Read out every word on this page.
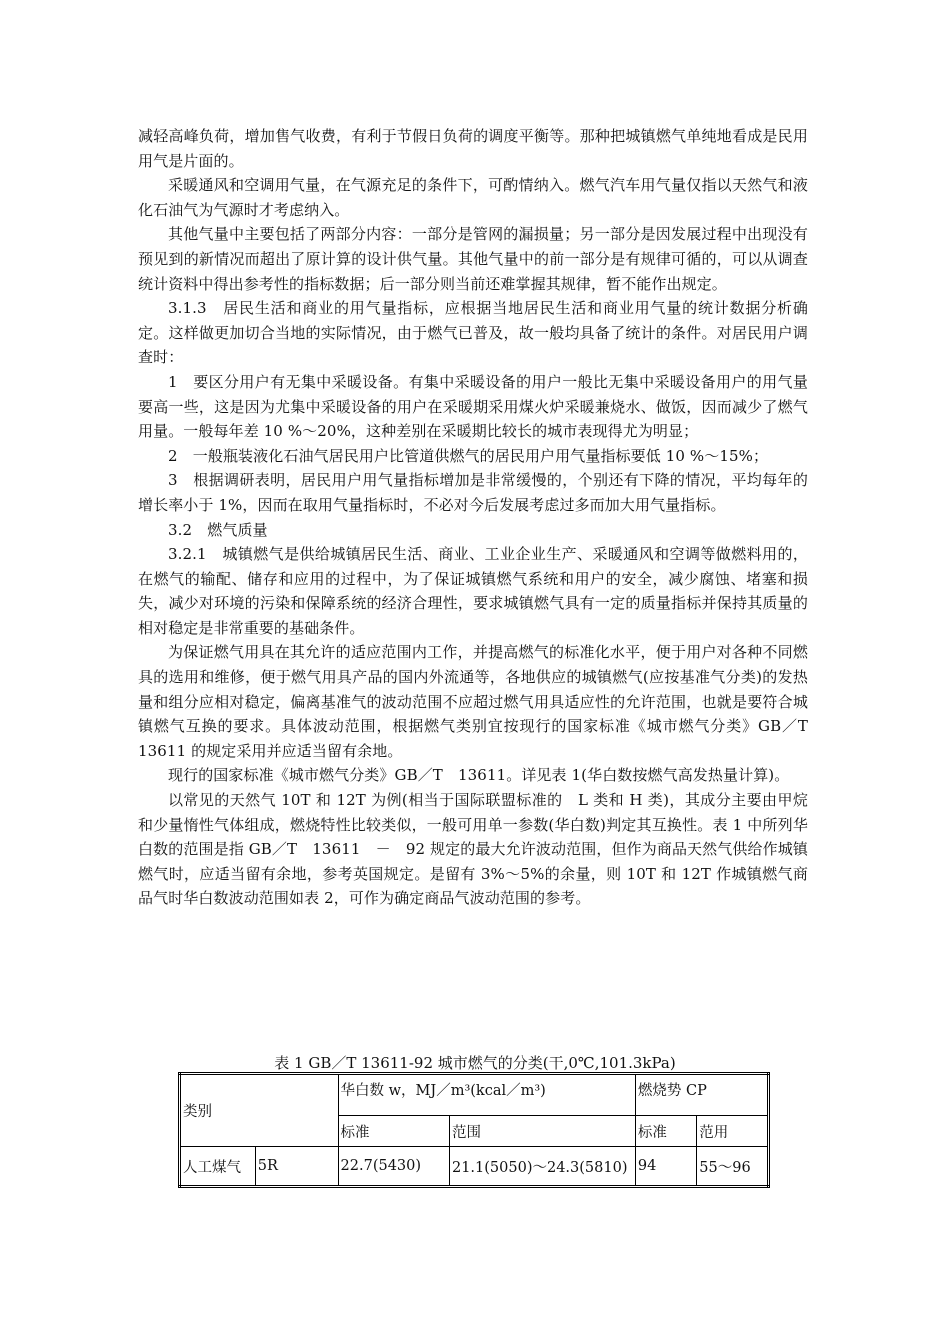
减轻高峰负荷，增加售气收费，有利于节假日负荷的调度平衡等。那种把城镇燃气单纯地看成是民用用气是片面的。

采暖通风和空调用气量，在气源充足的条件下，可酌情纳入。燃气汽车用气量仅指以天然气和液化石油气为气源时才考虑纳入。

其他气量中主要包括了两部分内容：一部分是管网的漏损量；另一部分是因发展过程中出现没有预见到的新情况而超出了原计算的设计供气量。其他气量中的前一部分是有规律可循的，可以从调查统计资料中得出参考性的指标数据；后一部分则当前还难掌握其规律，暂不能作出规定。

3.1.3　居民生活和商业的用气量指标，应根据当地居民生活和商业用气量的统计数据分析确定。这样做更加切合当地的实际情况，由于燃气已普及，故一般均具备了统计的条件。对居民用户调查时：

1　要区分用户有无集中采暖设备。有集中采暖设备的用户一般比无集中采暖设备用户的用气量要高一些，这是因为尤集中采暖设备的用户在采暖期采用煤火炉采暖兼烧水、做饭，因而减少了燃气用量。一般每年差 10 %～20%，这种差别在采暖期比较长的城市表现得尤为明显；

2　一般瓶装液化石油气居民用户比管道供燃气的居民用户用气量指标要低 10 %～15%；

3　根据调研表明，居民用户用气量指标增加是非常缓慢的，个别还有下降的情况，平均每年的增长率小于 1%，因而在取用气量指标时，不必对今后发展考虑过多而加大用气量指标。

3.2　燃气质量

3.2.1　城镇燃气是供给城镇居民生活、商业、工业企业生产、采暖通风和空调等做燃料用的，在燃气的输配、储存和应用的过程中，为了保证城镇燃气系统和用户的安全，减少腐蚀、堵塞和损失，减少对环境的污染和保障系统的经济合理性，要求城镇燃气具有一定的质量指标并保持其质量的相对稳定是非常重要的基础条件。

为保证燃气用具在其允许的适应范围内工作，并提高燃气的标准化水平，便于用户对各种不同燃具的选用和维修，便于燃气用具产品的国内外流通等，各地供应的城镇燃气(应按基准气分类)的发热量和组分应相对稳定，偏离基准气的波动范围不应超过燃气用具适应性的允许范围，也就是要符合城镇燃气互换的要求。具体波动范围，根据燃气类别宜按现行的国家标准《城市燃气分类》GB／T 13611 的规定采用并应适当留有余地。

现行的国家标准《城市燃气分类》GB／T　13611。详见表 1(华白数按燃气高发热量计算)。

以常见的天然气 10T 和 12T 为例(相当于国际联盟标准的　L 类和 H 类)，其成分主要由甲烷和少量惰性气体组成，燃烧特性比较类似，一般可用单一参数(华白数)判定其互换性。表 1 中所列华白数的范围是指 GB／T　13611　－　92 规定的最大允许波动范围，但作为商品天然气供给作城镇燃气时，应适当留有余地，参考英国规定。是留有 3%～5%的余量，则 10T 和 12T 作城镇燃气商品气时华白数波动范围如表 2，可作为确定商品气波动范围的参考。

表 1 GB／T 13611-92 城市燃气的分类(干,0℃,101.3kPa)
类别		华白数 w，MJ／m³(kcal／m³)		燃烧势 CP	
		标准	范围	标准	范用
人工煤气	5R	22.7(5430)	21.1(5050)～24.3(5810)	94	55～96
